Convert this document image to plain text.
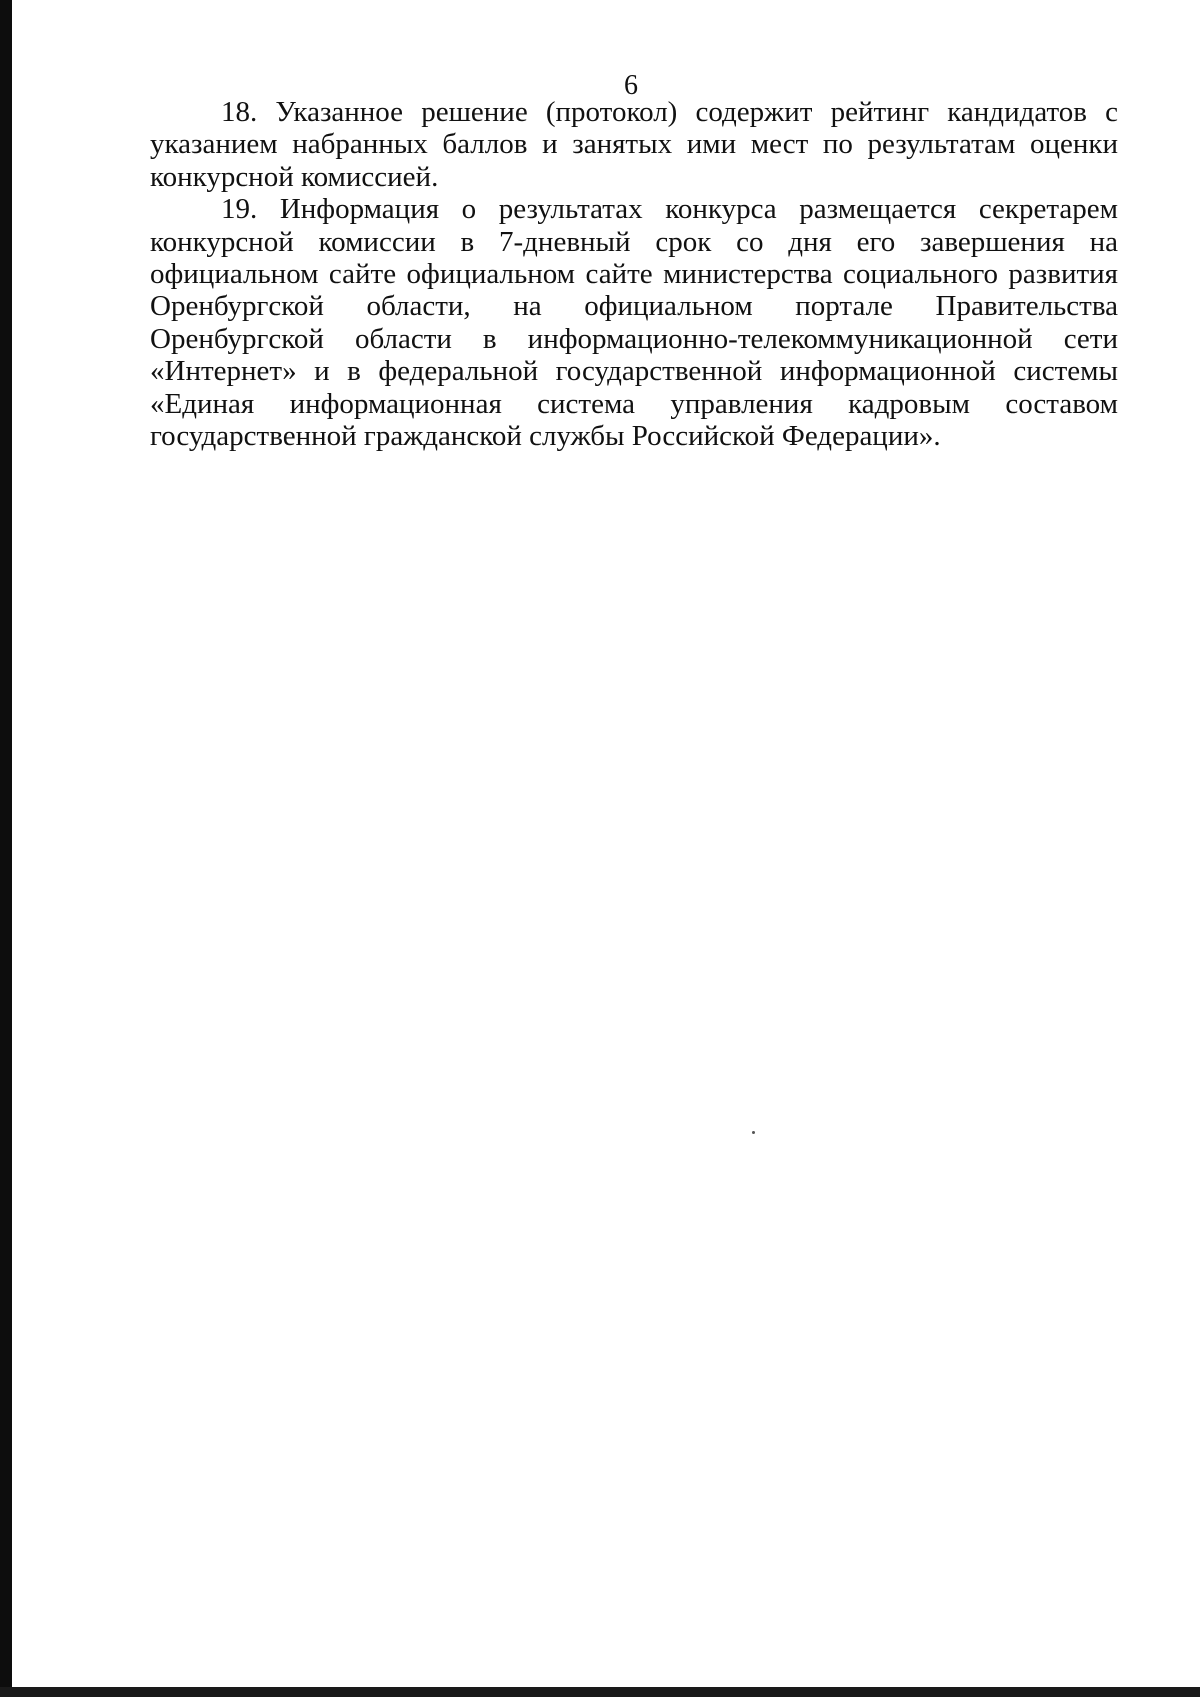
6

18. Указанное решение (протокол) содержит рейтинг кандидатов с указанием набранных баллов и занятых ими мест по результатам оценки конкурсной комиссией.

19. Информация о результатах конкурса размещается секретарем конкурсной комиссии в 7-дневный срок со дня его завершения на официальном сайте официальном сайте министерства социального развития Оренбургской области, на официальном портале Правительства Оренбургской области в информационно-телекоммуникационной сети «Интернет» и в федеральной государственной информационной системы «Единая информационная система управления кадровым составом государственной гражданской службы Российской Федерации».
